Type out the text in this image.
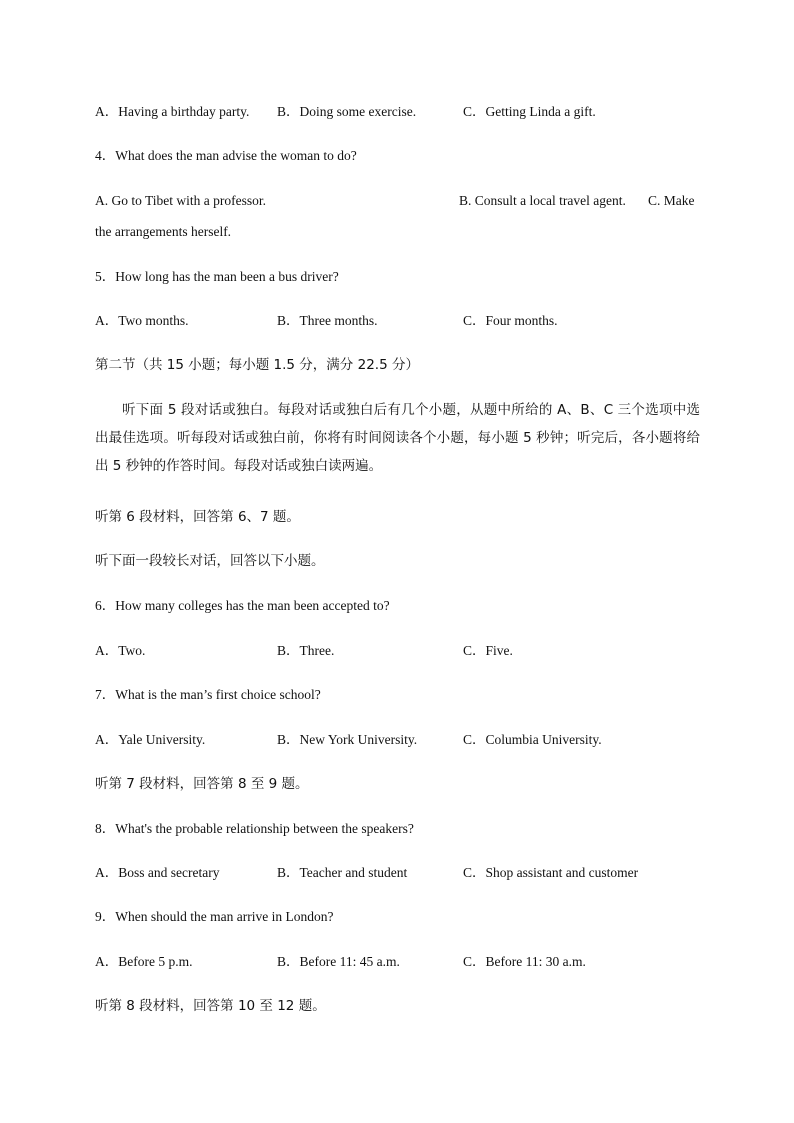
A．Having a birthday party. B．Doing some exercise.	C．Getting Linda a gift.
4．What does the man advise the woman to do?
A. Go to Tibet with a professor.	B. Consult a local travel agent. C. Make
the arrangements herself.
5．How long has the man been a bus driver?
A．Two months.	B．Three months.	C．Four months.
第二节（共 15 小题；每小题 1.5 分，满分 22.5 分）
听下面 5 段对话或独白。每段对话或独白后有几个小题，从题中所给的 A、B、C 三个选项中选出最佳选项。听每段对话或独白前，你将有时间阅读各个小题，每小题 5 秒钟；听完后，各小题将给出 5 秒钟的作答时间。每段对话或独白读两遍。
听第 6 段材料，回答第 6、7 题。
听下面一段较长对话，回答以下小题。
6．How many colleges has the man been accepted to?
A．Two.	B．Three.	C．Five.
7．What is the man’s first choice school?
A．Yale University.	B．New York University.	C．Columbia University.
听第 7 段材料，回答第 8 至 9 题。
8．What's the probable relationship between the speakers?
A．Boss and secretary	B．Teacher and student	C．Shop assistant and customer
9．When should the man arrive in London?
A．Before 5 p.m.	B．Before 11: 45 a.m.	C．Before 11: 30 a.m.
听第 8 段材料，回答第 10 至 12 题。
